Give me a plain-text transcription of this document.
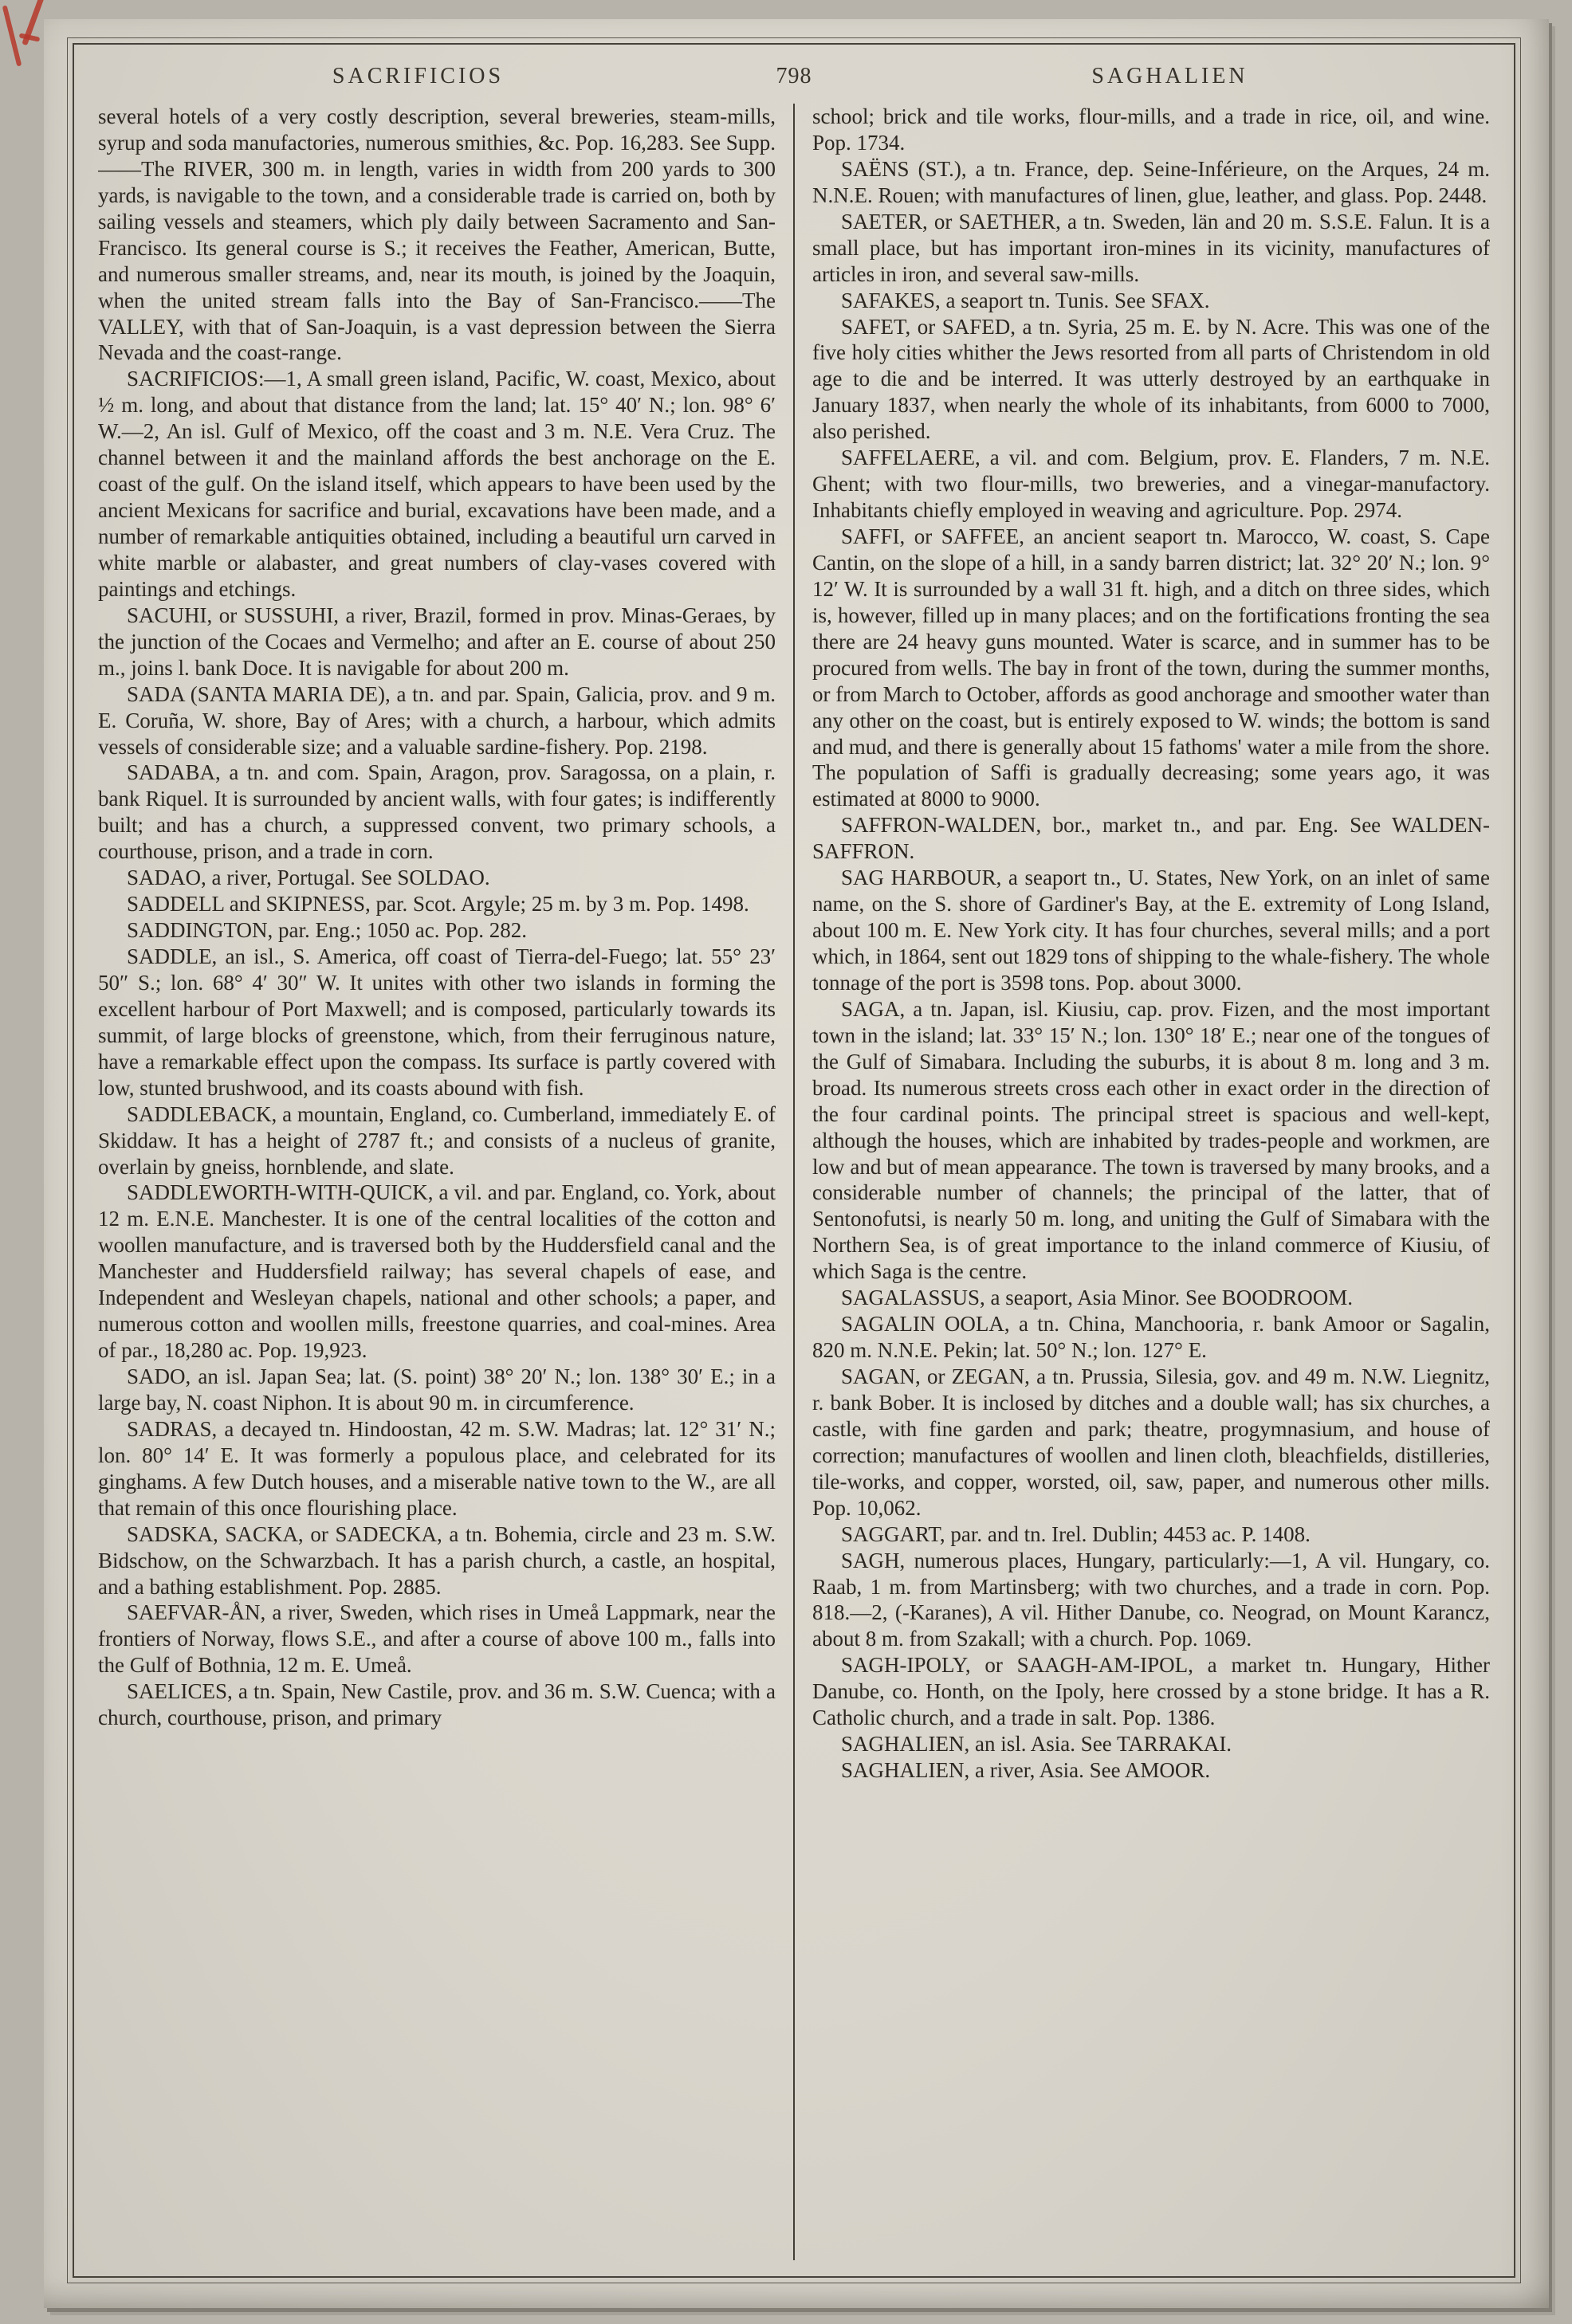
SACRIFICIOS	798	SAGHALIEN

several hotels of a very costly description, several breweries, steam-mills, syrup and soda manufactories, numerous smithies, &c. Pop. 16,283. See Supp.——The RIVER, 300 m. in length, varies in width from 200 yards to 300 yards, is navigable to the town, and a considerable trade is carried on, both by sailing vessels and steamers, which ply daily between Sacramento and San-Francisco. Its general course is S.; it receives the Feather, American, Butte, and numerous smaller streams, and, near its mouth, is joined by the Joaquin, when the united stream falls into the Bay of San-Francisco.——The VALLEY, with that of San-Joaquin, is a vast depression between the Sierra Nevada and the coast-range.

SACRIFICIOS:—1, A small green island, Pacific, W. coast, Mexico, about ½ m. long, and about that distance from the land; lat. 15° 40′ N.; lon. 98° 6′ W.—2, An isl. Gulf of Mexico, off the coast and 3 m. N.E. Vera Cruz. The channel between it and the mainland affords the best anchorage on the E. coast of the gulf. On the island itself, which appears to have been used by the ancient Mexicans for sacrifice and burial, excavations have been made, and a number of remarkable antiquities obtained, including a beautiful urn carved in white marble or alabaster, and great numbers of clay-vases covered with paintings and etchings.

SACUHI, or SUSSUHI, a river, Brazil, formed in prov. Minas-Geraes, by the junction of the Cocaes and Vermelho; and after an E. course of about 250 m., joins l. bank Doce. It is navigable for about 200 m.

SADA (SANTA MARIA DE), a tn. and par. Spain, Galicia, prov. and 9 m. E. Coruña, W. shore, Bay of Ares; with a church, a harbour, which admits vessels of considerable size; and a valuable sardine-fishery. Pop. 2198.

SADABA, a tn. and com. Spain, Aragon, prov. Saragossa, on a plain, r. bank Riquel. It is surrounded by ancient walls, with four gates; is indifferently built; and has a church, a suppressed convent, two primary schools, a courthouse, prison, and a trade in corn.

SADAO, a river, Portugal. See SOLDAO.

SADDELL and SKIPNESS, par. Scot. Argyle; 25 m. by 3 m. Pop. 1498.

SADDINGTON, par. Eng.; 1050 ac. Pop. 282.

SADDLE, an isl., S. America, off coast of Tierra-del-Fuego; lat. 55° 23′ 50″ S.; lon. 68° 4′ 30″ W. It unites with other two islands in forming the excellent harbour of Port Maxwell; and is composed, particularly towards its summit, of large blocks of greenstone, which, from their ferruginous nature, have a remarkable effect upon the compass. Its surface is partly covered with low, stunted brushwood, and its coasts abound with fish.

SADDLEBACK, a mountain, England, co. Cumberland, immediately E. of Skiddaw. It has a height of 2787 ft.; and consists of a nucleus of granite, overlain by gneiss, hornblende, and slate.

SADDLEWORTH-WITH-QUICK, a vil. and par. England, co. York, about 12 m. E.N.E. Manchester. It is one of the central localities of the cotton and woollen manufacture, and is traversed both by the Huddersfield canal and the Manchester and Huddersfield railway; has several chapels of ease, and Independent and Wesleyan chapels, national and other schools; a paper, and numerous cotton and woollen mills, freestone quarries, and coal-mines. Area of par., 18,280 ac. Pop. 19,923.

SADO, an isl. Japan Sea; lat. (S. point) 38° 20′ N.; lon. 138° 30′ E.; in a large bay, N. coast Niphon. It is about 90 m. in circumference.

SADRAS, a decayed tn. Hindoostan, 42 m. S.W. Madras; lat. 12° 31′ N.; lon. 80° 14′ E. It was formerly a populous place, and celebrated for its ginghams. A few Dutch houses, and a miserable native town to the W., are all that remain of this once flourishing place.

SADSKA, SACKA, or SADECKA, a tn. Bohemia, circle and 23 m. S.W. Bidschow, on the Schwarzbach. It has a parish church, a castle, an hospital, and a bathing establishment. Pop. 2885.

SAEFVAR-ÅN, a river, Sweden, which rises in Umeå Lappmark, near the frontiers of Norway, flows S.E., and after a course of above 100 m., falls into the Gulf of Bothnia, 12 m. E. Umeå.

SAELICES, a tn. Spain, New Castile, prov. and 36 m. S.W. Cuenca; with a church, courthouse, prison, and primary

school; brick and tile works, flour-mills, and a trade in rice, oil, and wine. Pop. 1734.

SAËNS (ST.), a tn. France, dep. Seine-Inférieure, on the Arques, 24 m. N.N.E. Rouen; with manufactures of linen, glue, leather, and glass. Pop. 2448.

SAETER, or SAETHER, a tn. Sweden, län and 20 m. S.S.E. Falun. It is a small place, but has important iron-mines in its vicinity, manufactures of articles in iron, and several saw-mills.

SAFAKES, a seaport tn. Tunis. See SFAX.

SAFET, or SAFED, a tn. Syria, 25 m. E. by N. Acre. This was one of the five holy cities whither the Jews resorted from all parts of Christendom in old age to die and be interred. It was utterly destroyed by an earthquake in January 1837, when nearly the whole of its inhabitants, from 6000 to 7000, also perished.

SAFFELAERE, a vil. and com. Belgium, prov. E. Flanders, 7 m. N.E. Ghent; with two flour-mills, two breweries, and a vinegar-manufactory. Inhabitants chiefly employed in weaving and agriculture. Pop. 2974.

SAFFI, or SAFFEE, an ancient seaport tn. Marocco, W. coast, S. Cape Cantin, on the slope of a hill, in a sandy barren district; lat. 32° 20′ N.; lon. 9° 12′ W. It is surrounded by a wall 31 ft. high, and a ditch on three sides, which is, however, filled up in many places; and on the fortifications fronting the sea there are 24 heavy guns mounted. Water is scarce, and in summer has to be procured from wells. The bay in front of the town, during the summer months, or from March to October, affords as good anchorage and smoother water than any other on the coast, but is entirely exposed to W. winds; the bottom is sand and mud, and there is generally about 15 fathoms' water a mile from the shore. The population of Saffi is gradually decreasing; some years ago, it was estimated at 8000 to 9000.

SAFFRON-WALDEN, bor., market tn., and par. Eng. See WALDEN-SAFFRON.

SAG HARBOUR, a seaport tn., U. States, New York, on an inlet of same name, on the S. shore of Gardiner's Bay, at the E. extremity of Long Island, about 100 m. E. New York city. It has four churches, several mills; and a port which, in 1864, sent out 1829 tons of shipping to the whale-fishery. The whole tonnage of the port is 3598 tons. Pop. about 3000.

SAGA, a tn. Japan, isl. Kiusiu, cap. prov. Fizen, and the most important town in the island; lat. 33° 15′ N.; lon. 130° 18′ E.; near one of the tongues of the Gulf of Simabara. Including the suburbs, it is about 8 m. long and 3 m. broad. Its numerous streets cross each other in exact order in the direction of the four cardinal points. The principal street is spacious and well-kept, although the houses, which are inhabited by trades-people and workmen, are low and but of mean appearance. The town is traversed by many brooks, and a considerable number of channels; the principal of the latter, that of Sentonofutsi, is nearly 50 m. long, and uniting the Gulf of Simabara with the Northern Sea, is of great importance to the inland commerce of Kiusiu, of which Saga is the centre.

SAGALASSUS, a seaport, Asia Minor. See BOODROOM.

SAGALIN OOLA, a tn. China, Manchooria, r. bank Amoor or Sagalin, 820 m. N.N.E. Pekin; lat. 50° N.; lon. 127° E.

SAGAN, or ZEGAN, a tn. Prussia, Silesia, gov. and 49 m. N.W. Liegnitz, r. bank Bober. It is inclosed by ditches and a double wall; has six churches, a castle, with fine garden and park; theatre, progymnasium, and house of correction; manufactures of woollen and linen cloth, bleachfields, distilleries, tile-works, and copper, worsted, oil, saw, paper, and numerous other mills. Pop. 10,062.

SAGGART, par. and tn. Irel. Dublin; 4453 ac. P. 1408.

SAGH, numerous places, Hungary, particularly:—1, A vil. Hungary, co. Raab, 1 m. from Martinsberg; with two churches, and a trade in corn. Pop. 818.—2, (-Karanes), A vil. Hither Danube, co. Neograd, on Mount Karancz, about 8 m. from Szakall; with a church. Pop. 1069.

SAGH-IPOLY, or SAAGH-AM-IPOL, a market tn. Hungary, Hither Danube, co. Honth, on the Ipoly, here crossed by a stone bridge. It has a R. Catholic church, and a trade in salt. Pop. 1386.

SAGHALIEN, an isl. Asia. See TARRAKAI.

SAGHALIEN, a river, Asia. See AMOOR.
